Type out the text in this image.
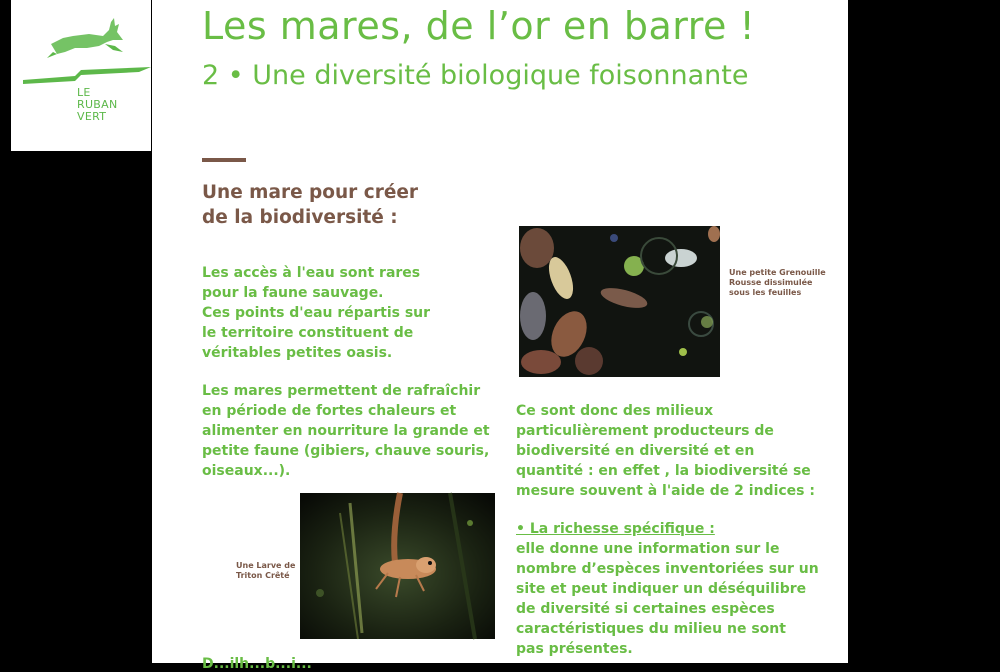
LE
RUBAN
VERT
Les mares, de l’or en barre !
2 • Une diversité biologique foisonnante
Une mare pour créer
de la biodiversité :
Les accès à l'eau sont rares
pour la faune sauvage.
Ces points d'eau répartis sur
le territoire constituent de
véritables petites oasis.
Les mares permettent de rafraîchir
en période de fortes chaleurs et
alimenter en nourriture la grande et
petite faune (gibiers, chauve souris,
oiseaux...).
Une Larve de
Triton Crêté
D...ilh...b...i...
Une petite Grenouille
Rousse dissimulée
sous les feuilles
Ce sont donc des milieux
particulièrement producteurs de
biodiversité en diversité et en
quantité : en effet , la biodiversité se
mesure souvent à l'aide de 2 indices :
• La richesse spécifique :
elle donne une information sur le
nombre d’espèces inventoriées sur un
site et peut indiquer un déséquilibre
de diversité si certaines espèces
caractéristiques du milieu ne sont
pas présentes.
